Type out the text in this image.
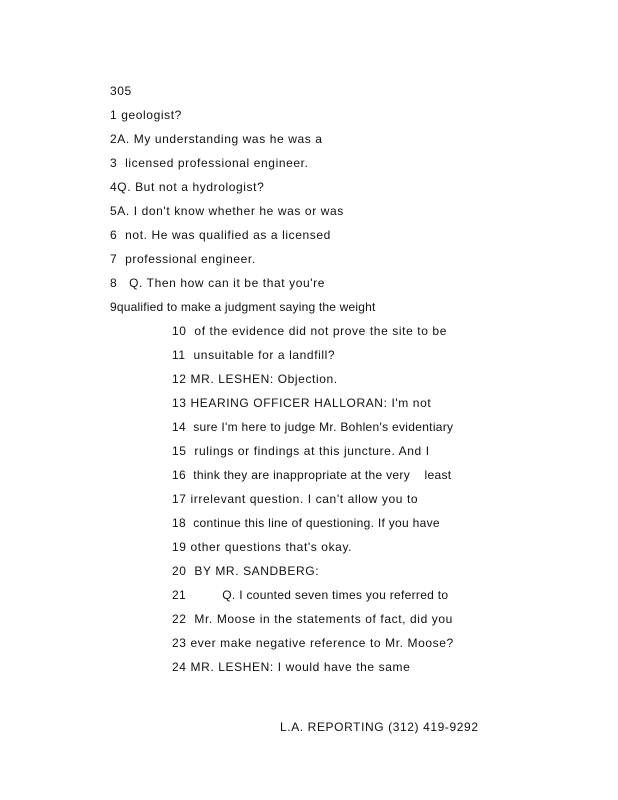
305
1 geologist?
2A. My understanding was he was a
3  licensed professional engineer.
4Q. But not a hydrologist?
5A. I don't know whether he was or was
6  not. He was qualified as a licensed
7  professional engineer.
8   Q. Then how can it be that you're
9qualified to make a judgment saying the weight
10  of the evidence did not prove the site to be
11  unsuitable for a landfill?
12 MR. LESHEN: Objection.
13 HEARING OFFICER HALLORAN: I'm not
14  sure I'm here to judge Mr. Bohlen's evidentiary
15  rulings or findings at this juncture. And I
16  think they are inappropriate at the very    least
17 irrelevant question. I can't allow you to
18  continue this line of questioning. If you have
19 other questions that's okay.
20  BY MR. SANDBERG:
21          Q. I counted seven times you referred to
22  Mr. Moose in the statements of fact, did you
23 ever make negative reference to Mr. Moose?
24 MR. LESHEN: I would have the same
L.A. REPORTING (312) 419-9292
